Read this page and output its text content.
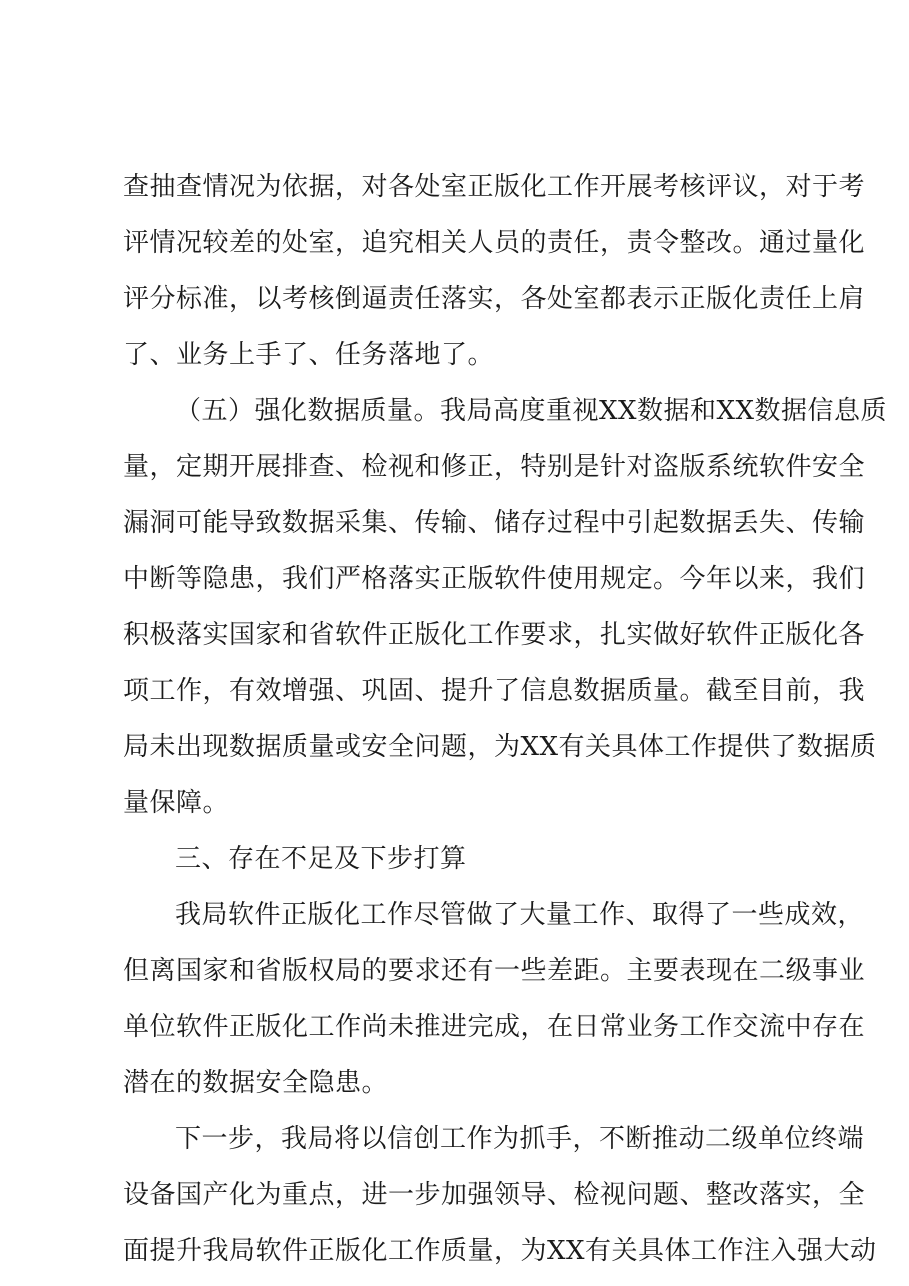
查抽查情况为依据，对各处室正版化工作开展考核评议，对于考
评情况较差的处室，追究相关人员的责任，责令整改。通过量化
评分标准，以考核倒逼责任落实，各处室都表示正版化责任上肩
了、业务上手了、任务落地了。
（五）强化数据质量。我局高度重视XX数据和XX数据信息质
量，定期开展排查、检视和修正，特别是针对盗版系统软件安全
漏洞可能导致数据采集、传输、储存过程中引起数据丢失、传输
中断等隐患，我们严格落实正版软件使用规定。今年以来，我们
积极落实国家和省软件正版化工作要求，扎实做好软件正版化各
项工作，有效增强、巩固、提升了信息数据质量。截至目前，我
局未出现数据质量或安全问题，为XX有关具体工作提供了数据质
量保障。
三、存在不足及下步打算
我局软件正版化工作尽管做了大量工作、取得了一些成效，
但离国家和省版权局的要求还有一些差距。主要表现在二级事业
单位软件正版化工作尚未推进完成，在日常业务工作交流中存在
潜在的数据安全隐患。
下一步，我局将以信创工作为抓手，不断推动二级单位终端
设备国产化为重点，进一步加强领导、检视问题、整改落实，全
面提升我局软件正版化工作质量，为XX有关具体工作注入强大动
